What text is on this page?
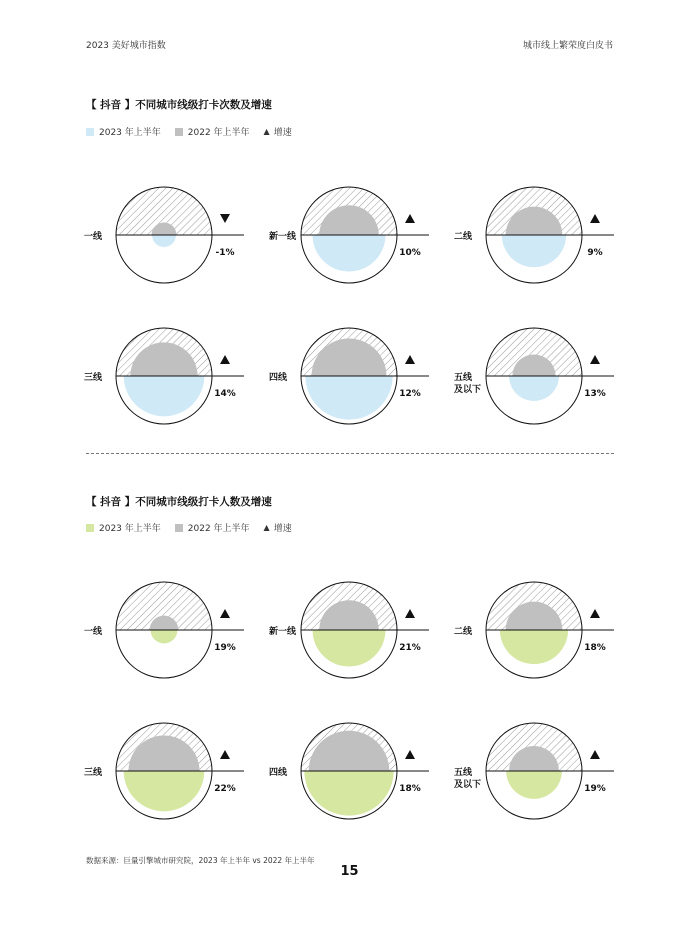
2023 美好城市指数	城市线上繁荣度白皮书
【 抖音 】不同城市线级打卡次数及增速
2023 年上半年	2022 年上半年 ▲ 增速
【 抖音 】不同城市线级打卡人数及增速
2023 年上半年	2022 年上半年 ▲ 增速
一线
-1%
新一线
10%
二线
9%
三线
14%
四线
12%
五线
及以下	13%
一线
19%
新一线
21%
二线
18%
三线
22%
四线
18%
五线
及以下	19%
数据来源：巨量引擎城市研究院，2023 年上半年 vs 2022 年上半年
15
